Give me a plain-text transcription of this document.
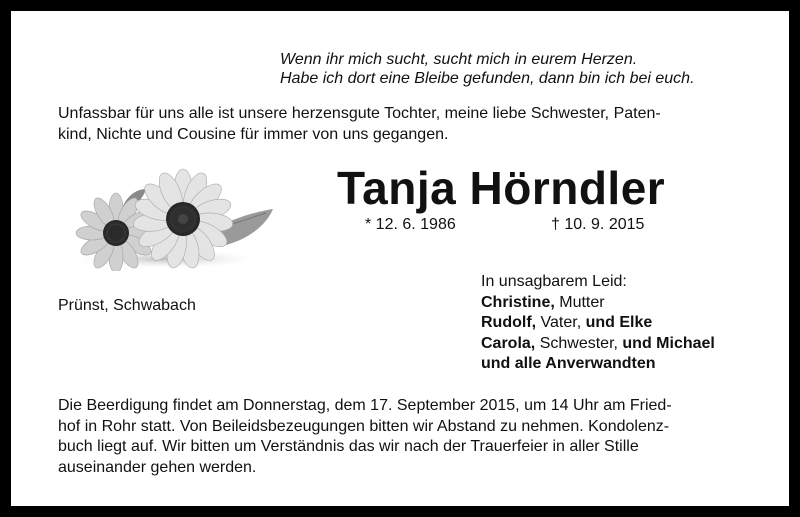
Wenn ihr mich sucht, sucht mich in eurem Herzen.
Habe ich dort eine Bleibe gefunden, dann bin ich bei euch.
Unfassbar für uns alle ist unsere herzensgute Tochter, meine liebe Schwester, Paten-
kind, Nichte und Cousine für immer von uns gegangen.
Tanja Hörndler
* 12. 6. 1986	† 10. 9. 2015
Prünst, Schwabach
In unsagbarem Leid:
Christine, Mutter
Rudolf, Vater, und Elke
Carola, Schwester, und Michael
und alle Anverwandten
Die Beerdigung findet am Donnerstag, dem 17. September 2015, um 14 Uhr am Fried-
hof in Rohr statt. Von Beileidsbezeugungen bitten wir Abstand zu nehmen. Kondolenz-
buch liegt auf. Wir bitten um Verständnis das wir nach der Trauerfeier in aller Stille
auseinander gehen werden.
